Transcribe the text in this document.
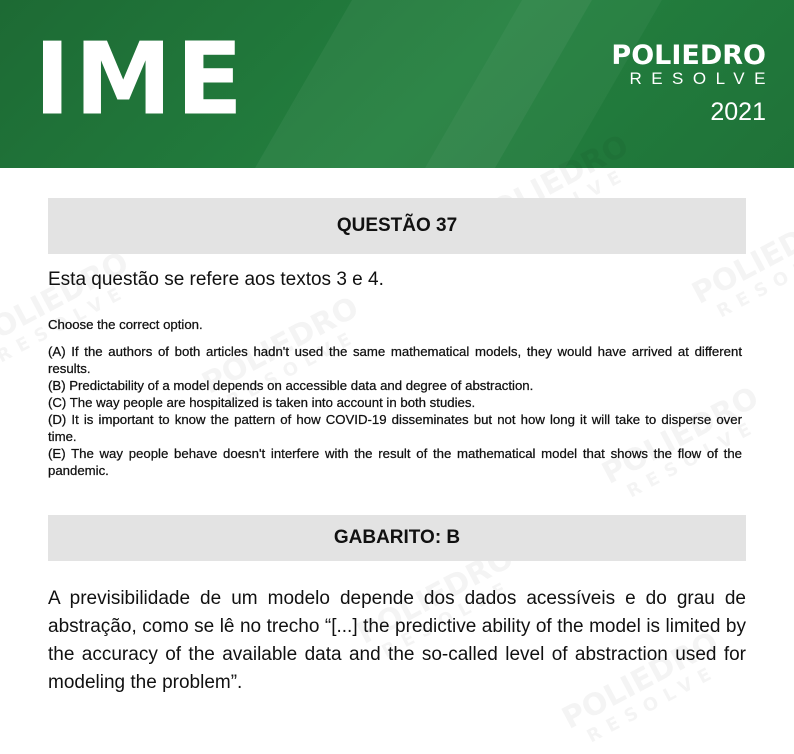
IME	POLIEDRO
RESOLVE
2021
QUESTÃO 37
Esta questão se refere aos textos 3 e 4.
Choose the correct option.
(A) If the authors of both articles hadn't used the same mathematical models, they would have arrived at different results.
(B) Predictability of a model depends on accessible data and degree of abstraction.
(C) The way people are hospitalized is taken into account in both studies.
(D) It is important to know the pattern of how COVID-19 disseminates but not how long it will take to disperse over time.
(E) The way people behave doesn't interfere with the result of the mathematical model that shows the flow of the pandemic.
GABARITO: B
A previsibilidade de um modelo depende dos dados acessíveis e do grau de abstração, como se lê no trecho “[...] the predictive ability of the model is limited by the accuracy of the available data and the so-called level of abstraction used for modeling the problem”.
